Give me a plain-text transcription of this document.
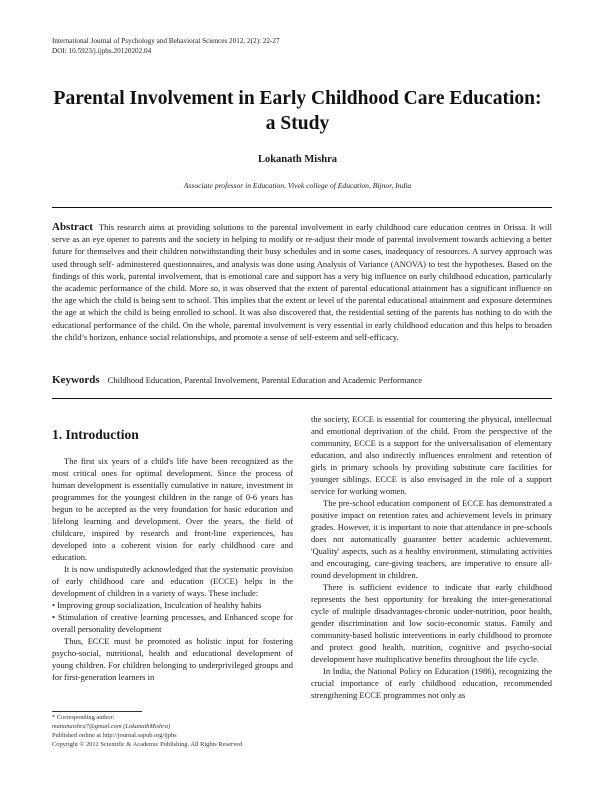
International Journal of Psychology and Behavioral Sciences 2012, 2(2): 22-27
DOI: 10.5923/j.ijpbs.20120202.04
Parental Involvement in Early Childhood Care Education:
a Study
Lokanath Mishra
Associate professor in Education, Vivek college of Education, Bijnor, India
Abstract This research aims at providing solutions to the parental involvement in early childhood care education centres in Orissa. It will serve as an eye opener to parents and the society in helping to modify or re-adjust their mode of parental involvement towards achieving a better future for themselves and their children notwithstanding their busy schedules and in some cases, inadequacy of resources. A survey approach was used through self- administered questionnaires, and analysis was done using Analysis of Variance (ANOVA) to test the hypotheses. Based on the findings of this work, parental involvement, that is emotional care and support has a very big influence on early childhood education, particularly the academic performance of the child. More so, it was observed that the extent of parental educational attainment has a significant influence on the age which the child is being sent to school. This implies that the extent or level of the parental educational attainment and exposure determines the age at which the child is being enrolled to school. It was also discovered that, the residential setting of the parents has nothing to do with the educational performance of the child. On the whole, parental involvement is very essential in early childhood education and this helps to broaden the child’s horizon, enhance social relationships, and promote a sense of self-esteem and self-efficacy.
Keywords Childhood Education, Parental Involvement, Parental Education and Academic Performance
1. Introduction

The first six years of a child's life have been recognized as the most critical ones for optimal development. Since the process of human development is essentially cumulative in nature, investment in programmes for the youngest children in the range of 0-6 years has begun to be accepted as the very foundation for basic education and lifelong learning and development. Over the years, the field of childcare, inspired by research and front-line experiences, has developed into a coherent vision for early childhood care and education.

It is now undisputedly acknowledged that the systematic provision of early childhood care and education (ECCE) helps in the development of children in a variety of ways. These include:

• Improving group socialization, Inculcation of healthy habits

• Stimulation of creative learning processes, and Enhanced scope for overall personality development

Thus, ECCE must be promoted as holistic input for fostering psycho-social, nutritional, health and educational development of young children. For children belonging to underprivileged groups and for first-generation learners in

the society, ECCE is essential for countering the physical, intellectual and emotional deprivation of the child. From the perspective of the community, ECCE is a support for the universalisation of elementary education, and also indirectly influences enrolment and retention of girls in primary schools by providing substitute care facilities for younger siblings. ECCE is also envisaged in the role of a support service for working women.

The pre-school education component of ECCE has demonstrated a positive impact on retention rates and achievement levels in primary grades. However, it is important to note that attendance in pre-schools does not automatically guarantee better academic achievement. 'Quality' aspects, such as a healthy environment, stimulating activities and encouraging, care-giving teachers, are imperative to ensure all-round development in children.

There is sufficient evidence to indicate that early childhood represents the best opportunity for breaking the inter-generational cycle of multiple disadvantages-chronic under-nutrition, poor health, gender discrimination and low socio-economic status. Family and community-based holistic interventions in early childhood to promote and protect good health, nutrition, cognitive and psycho-social development have multiplicative benefits throughout the life cycle.

In India, the National Policy on Education (1986), recognizing the crucial importance of early childhood education, recommended strengthening ECCE programmes not only as

* Corresponding author:
mananaishra7@gmail.com (LokanathMishra)
Published online at http://journal.sapub.org/ijpbs
Copyright © 2012 Scientific & Academic Publishing. All Rights Reserved
